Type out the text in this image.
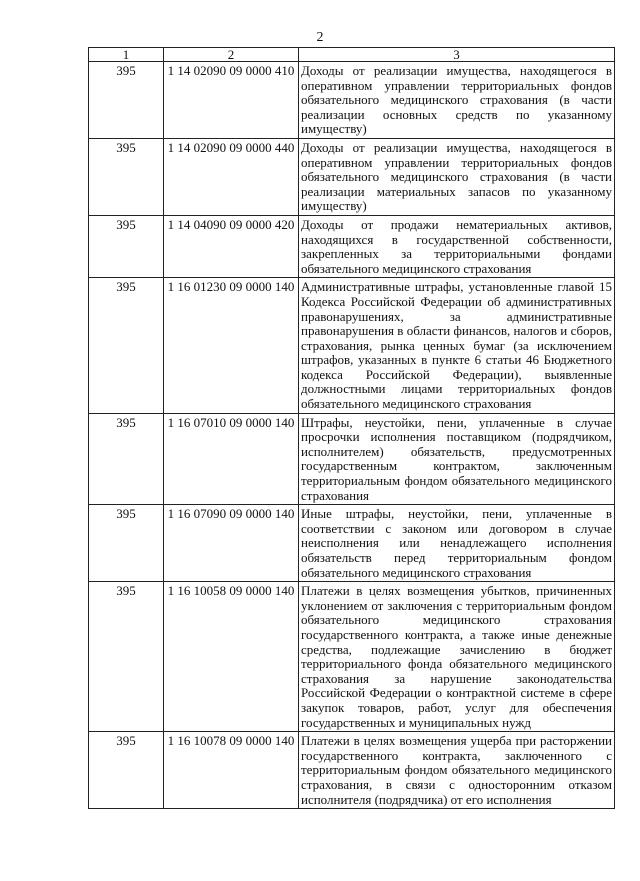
2
1	2	3
395	1 14 02090 09 0000 410	Доходы от реализации имущества, находящегося в оперативном управлении территориальных фондов обязательного медицинского страхования (в части реализации основных средств по указанному имуществу)
395	1 14 02090 09 0000 440	Доходы от реализации имущества, находящегося в оперативном управлении территориальных фондов обязательного медицинского страхования (в части реализации материальных запасов по указанному имуществу)
395	1 14 04090 09 0000 420	Доходы от продажи нематериальных активов, находящихся в государственной собственности, закрепленных за территориальными фондами обязательного медицинского страхования
395	1 16 01230 09 0000 140	Административные штрафы, установленные главой 15 Кодекса Российской Федерации об административных правонарушениях, за административные правонарушения в области финансов, налогов и сборов, страхования, рынка ценных бумаг (за исключением штрафов, указанных в пункте 6 статьи 46 Бюджетного кодекса Российской Федерации), выявленные должностными лицами территориальных фондов обязательного медицинского страхования
395	1 16 07010 09 0000 140	Штрафы, неустойки, пени, уплаченные в случае просрочки исполнения поставщиком (подрядчиком, исполнителем) обязательств, предусмотренных государственным контрактом, заключенным территориальным фондом обязательного медицинского страхования
395	1 16 07090 09 0000 140	Иные штрафы, неустойки, пени, уплаченные в соответствии с законом или договором в случае неисполнения или ненадлежащего исполнения обязательств перед территориальным фондом обязательного медицинского страхования
395	1 16 10058 09 0000 140	Платежи в целях возмещения убытков, причиненных уклонением от заключения с территориальным фондом обязательного медицинского страхования государственного контракта, а также иные денежные средства, подлежащие зачислению в бюджет территориального фонда обязательного медицинского страхования за нарушение законодательства Российской Федерации о контрактной системе в сфере закупок товаров, работ, услуг для обеспечения государственных и муниципальных нужд
395	1 16 10078 09 0000 140	Платежи в целях возмещения ущерба при расторжении государственного контракта, заключенного с территориальным фондом обязательного медицинского страхования, в связи с односторонним отказом исполнителя (подрядчика) от его исполнения
